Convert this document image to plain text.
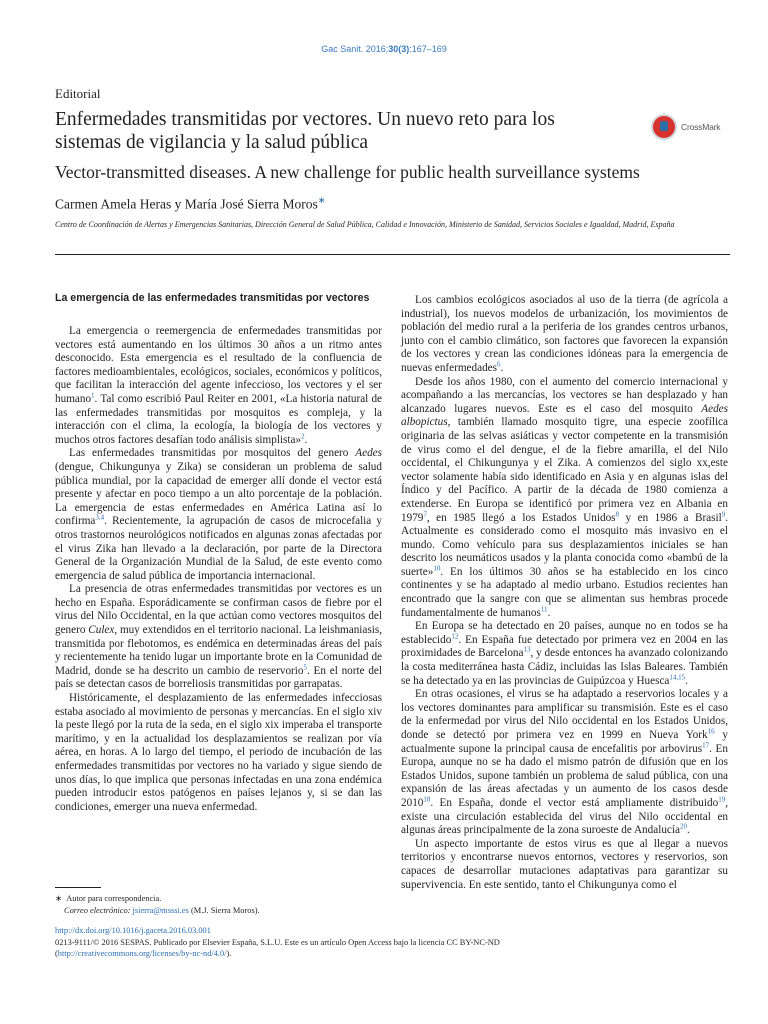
Gac Sanit. 2016;30(3):167–169
Editorial
Enfermedades transmitidas por vectores. Un nuevo reto para los sistemas de vigilancia y la salud pública
CrossMark
Vector-transmitted diseases. A new challenge for public health surveillance systems
Carmen Amela Heras y María José Sierra Moros∗
Centro de Coordinación de Alertas y Emergencias Sanitarias, Dirección General de Salud Pública, Calidad e Innovación, Ministerio de Sanidad, Servicios Sociales e Igualdad, Madrid, España
La emergencia de las enfermedades transmitidas por vectores

La emergencia o reemergencia de enfermedades transmitidas por vectores está aumentando en los últimos 30 años a un ritmo antes desconocido. Esta emergencia es el resultado de la confluencia de factores medioambientales, ecológicos, sociales, económicos y políticos, que facilitan la interacción del agente infeccioso, los vectores y el ser humano$^1$. Tal como escribió Paul Reiter en 2001, «La historia natural de las enfermedades transmitidas por mosquitos es compleja, y la interacción con el clima, la ecología, la biología de los vectores y muchos otros factores desafían todo análisis simplista»$^2$.

Las enfermedades transmitidas por mosquitos del genero Aedes (dengue, Chikungunya y Zika) se consideran un problema de salud pública mundial, por la capacidad de emerger allí donde el vector está presente y afectar en poco tiempo a un alto porcentaje de la población. La emergencia de estas enfermedades en América Latina así lo confirma$^{3,4}$. Recientemente, la agrupación de casos de microcefalia y otros trastornos neurológicos notificados en algunas zonas afectadas por el virus Zika han llevado a la declaración, por parte de la Directora General de la Organización Mundial de la Salud, de este evento como emergencia de salud pública de importancia internacional.

La presencia de otras enfermedades transmitidas por vectores es un hecho en España. Esporádicamente se confirman casos de fiebre por el virus del Nilo Occidental, en la que actúan como vectores mosquitos del genero Culex, muy extendidos en el territorio nacional. La leishmaniasis, transmitida por flebotomos, es endémica en determinadas áreas del país y recientemente ha tenido lugar un importante brote en la Comunidad de Madrid, donde se ha descrito un cambio de reservorio$^5$. En el norte del país se detectan casos de borreliosis transmitidas por garrapatas.

Históricamente, el desplazamiento de las enfermedades infecciosas estaba asociado al movimiento de personas y mercancías. En el siglo xiv la peste llegó por la ruta de la seda, en el siglo xix imperaba el transporte marítimo, y en la actualidad los desplazamientos se realizan por vía aérea, en horas. A lo largo del tiempo, el periodo de incubación de las enfermedades transmitidas por vectores no ha variado y sigue siendo de unos días, lo que implica que personas infectadas en una zona endémica pueden introducir estos patógenos en países lejanos y, si se dan las condiciones, emerger una nueva enfermedad.

Los cambios ecológicos asociados al uso de la tierra (de agrícola a industrial), los nuevos modelos de urbanización, los movimientos de población del medio rural a la periferia de los grandes centros urbanos, junto con el cambio climático, son factores que favorecen la expansión de los vectores y crean las condiciones idóneas para la emergencia de nuevas enfermedades$^6$.

Desde los años 1980, con el aumento del comercio internacional y acompañando a las mercancías, los vectores se han desplazado y han alcanzado lugares nuevos. Este es el caso del mosquito Aedes albopictus, también llamado mosquito tigre, una especie zoofílica originaria de las selvas asiáticas y vector competente en la transmisión de virus como el del dengue, el de la fiebre amarilla, el del Nilo occidental, el Chikungunya y el Zika. A comienzos del siglo xx,este vector solamente había sido identificado en Asia y en algunas islas del Índico y del Pacífico. A partir de la década de 1980 comienza a extenderse. En Europa se identificó por primera vez en Albania en 1979$^7$, en 1985 llegó a los Estados Unidos$^8$ y en 1986 a Brasil$^9$. Actualmente es considerado como el mosquito más invasivo en el mundo. Como vehículo para sus desplazamientos iniciales se han descrito los neumáticos usados y la planta conocida como «bambú de la suerte»$^{10}$. En los últimos 30 años se ha establecido en los cinco continentes y se ha adaptado al medio urbano. Estudios recientes han encontrado que la sangre con que se alimentan sus hembras procede fundamentalmente de humanos$^{11}$.

En Europa se ha detectado en 20 países, aunque no en todos se ha establecido$^{12}$. En España fue detectado por primera vez en 2004 en las proximidades de Barcelona$^{13}$, y desde entonces ha avanzado colonizando la costa mediterránea hasta Cádiz, incluidas las Islas Baleares. También se ha detectado ya en las provincias de Guipúzcoa y Huesca$^{14,15}$.

En otras ocasiones, el virus se ha adaptado a reservorios locales y a los vectores dominantes para amplificar su transmisión. Este es el caso de la enfermedad por virus del Nilo occidental en los Estados Unidos, donde se detectó por primera vez en 1999 en Nueva York$^{16}$ y actualmente supone la principal causa de encefalitis por arbovirus$^{17}$. En Europa, aunque no se ha dado el mismo patrón de difusión que en los Estados Unidos, supone también un problema de salud pública, con una expansión de las áreas afectadas y un aumento de los casos desde 2010$^{18}$. En España, donde el vector está ampliamente distribuido$^{19}$, existe una circulación establecida del virus del Nilo occidental en algunas áreas principalmente de la zona suroeste de Andalucía$^{20}$.

Un aspecto importante de estos virus es que al llegar a nuevos territorios y encontrarse nuevos entornos, vectores y reservorios, son capaces de desarrollar mutaciones adaptativas para garantizar su supervivencia. En este sentido, tanto el Chikungunya como el

∗ Autor para correspondencia.
Correo electrónico: jsierra@msssi.es (M.J. Sierra Moros).
http://dx.doi.org/10.1016/j.gaceta.2016.03.001
0213-9111/© 2016 SESPAS. Publicado por Elsevier España, S.L.U. Este es un artículo Open Access bajo la licencia CC BY-NC-ND
(http://creativecommons.org/licenses/by-nc-nd/4.0/).
